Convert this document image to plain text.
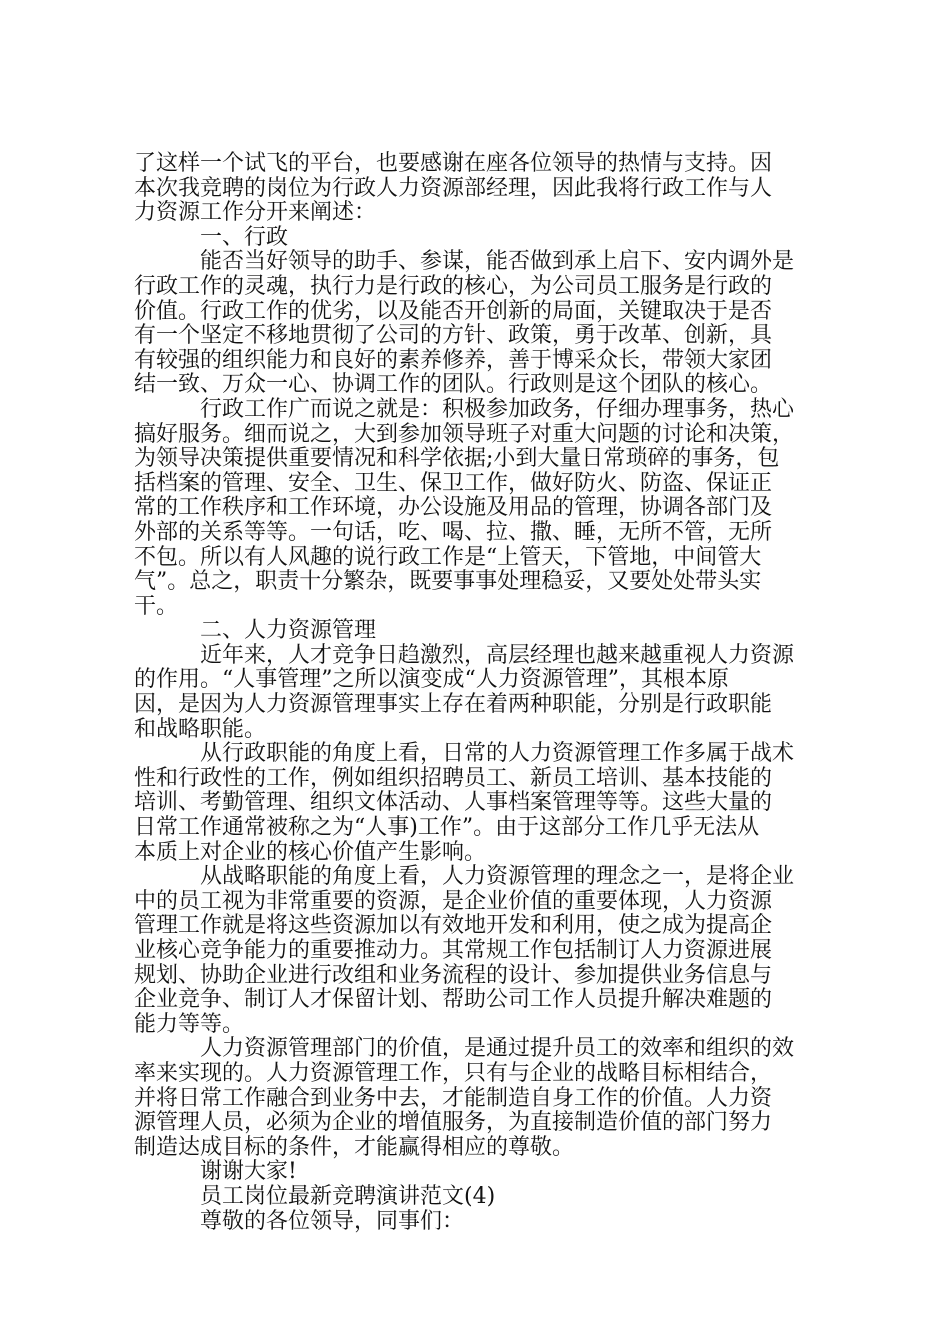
了这样一个试飞的平台，也要感谢在座各位领导的热情与支持。因
本次我竞聘的岗位为行政人力资源部经理，因此我将行政工作与人
力资源工作分开来阐述：
一、行政
能否当好领导的助手、参谋，能否做到承上启下、安内调外是
行政工作的灵魂，执行力是行政的核心，为公司员工服务是行政的
价值。行政工作的优劣，以及能否开创新的局面，关键取决于是否
有一个坚定不移地贯彻了公司的方针、政策，勇于改革、创新，具
有较强的组织能力和良好的素养修养，善于博采众长，带领大家团
结一致、万众一心、协调工作的团队。行政则是这个团队的核心。
行政工作广而说之就是：积极参加政务，仔细办理事务，热心
搞好服务。细而说之，大到参加领导班子对重大问题的讨论和决策，
为领导决策提供重要情况和科学依据;小到大量日常琐碎的事务，包
括档案的管理、安全、卫生、保卫工作，做好防火、防盗、保证正
常的工作秩序和工作环境，办公设施及用品的管理，协调各部门及
外部的关系等等。一句话，吃、喝、拉、撒、睡，无所不管，无所
不包。所以有人风趣的说行政工作是“上管天，下管地，中间管大
气”。总之，职责十分繁杂，既要事事处理稳妥，又要处处带头实
干。
二、人力资源管理
近年来，人才竞争日趋激烈，高层经理也越来越重视人力资源
的作用。“人事管理”之所以演变成“人力资源管理”，其根本原
因，是因为人力资源管理事实上存在着两种职能，分别是行政职能
和战略职能。
从行政职能的角度上看，日常的人力资源管理工作多属于战术
性和行政性的工作，例如组织招聘员工、新员工培训、基本技能的
培训、考勤管理、组织文体活动、人事档案管理等等。这些大量的
日常工作通常被称之为“人事)工作”。由于这部分工作几乎无法从
本质上对企业的核心价值产生影响。
从战略职能的角度上看，人力资源管理的理念之一，是将企业
中的员工视为非常重要的资源，是企业价值的重要体现，人力资源
管理工作就是将这些资源加以有效地开发和利用，使之成为提高企
业核心竞争能力的重要推动力。其常规工作包括制订人力资源进展
规划、协助企业进行改组和业务流程的设计、参加提供业务信息与
企业竞争、制订人才保留计划、帮助公司工作人员提升解决难题的
能力等等。
人力资源管理部门的价值，是通过提升员工的效率和组织的效
率来实现的。人力资源管理工作，只有与企业的战略目标相结合，
并将日常工作融合到业务中去，才能制造自身工作的价值。人力资
源管理人员，必须为企业的增值服务，为直接制造价值的部门努力
制造达成目标的条件，才能赢得相应的尊敬。
谢谢大家!
员工岗位最新竞聘演讲范文(4)
尊敬的各位领导，同事们：
